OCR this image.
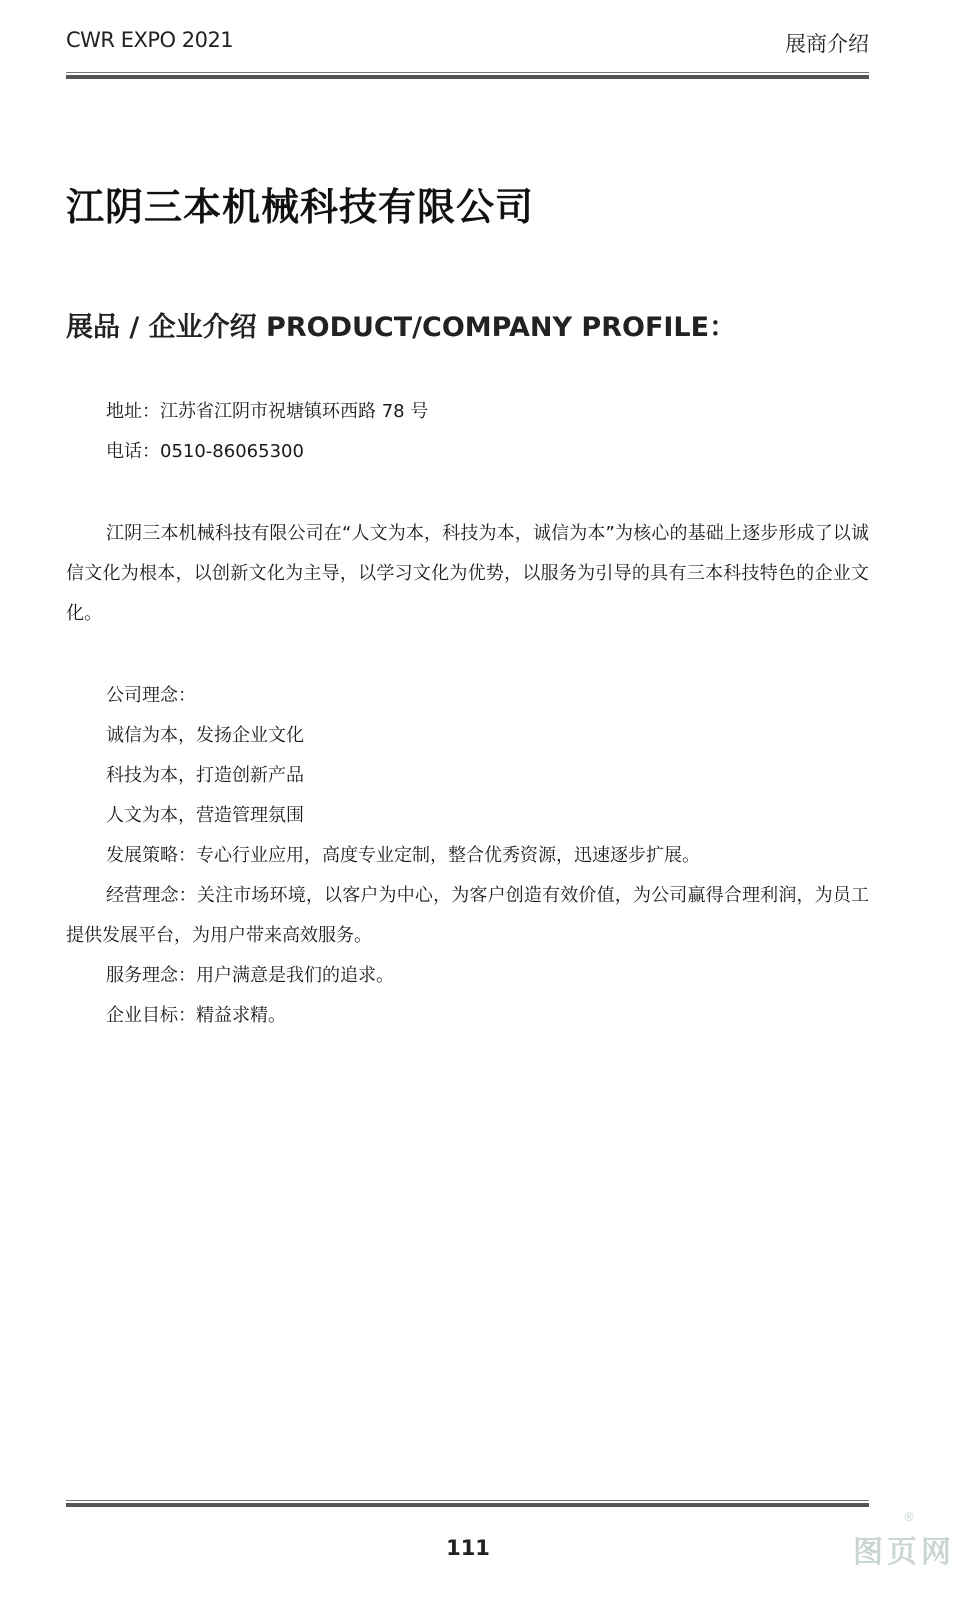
CWR EXPO 2021	展商介绍
江阴三本机械科技有限公司
展品 / 企业介绍 PRODUCT/COMPANY PROFILE：

地址：江苏省江阴市祝塘镇环西路 78 号

电话：0510-86065300

江阴三本机械科技有限公司在“人文为本，科技为本，诚信为本”为核心的基础上逐步形成了以诚信文化为根本，以创新文化为主导，以学习文化为优势，以服务为引导的具有三本科技特色的企业文化。

公司理念：

诚信为本，发扬企业文化

科技为本，打造创新产品

人文为本，营造管理氛围

发展策略：专心行业应用，高度专业定制，整合优秀资源，迅速逐步扩展。

经营理念：关注市场环境，以客户为中心，为客户创造有效价值，为公司赢得合理利润，为员工提供发展平台，为用户带来高效服务。

服务理念：用户满意是我们的追求。

企业目标：精益求精。

111
®
图页网
